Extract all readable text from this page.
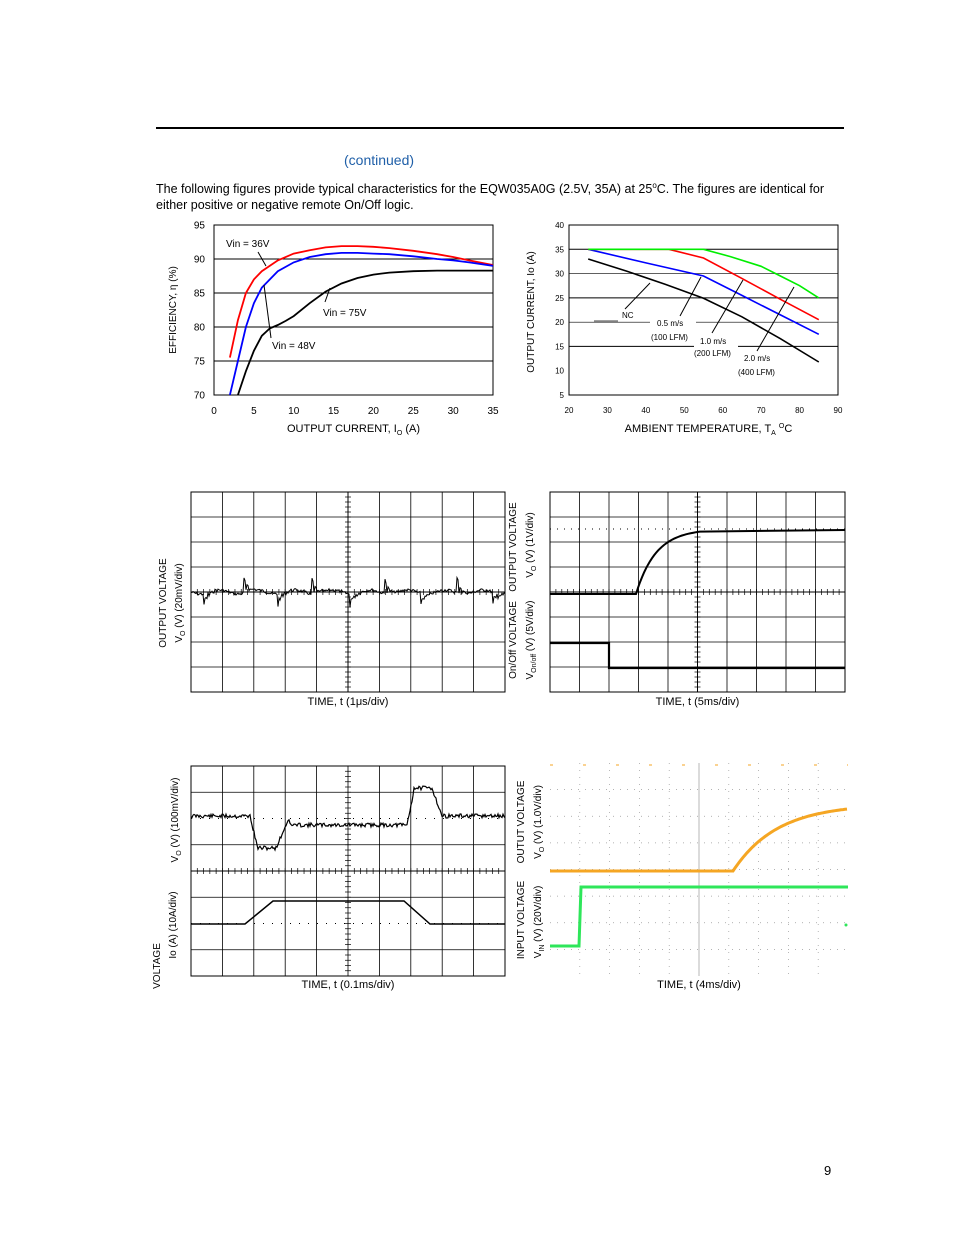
(continued)
The following figures provide typical characteristics for the EQW035A0G (2.5V, 35A) at 25$^o$C. The figures are identical for either positive or negative remote On/Off logic.
9
70
75
80
85
90
95
0	5	10	15	20	25	30	35
Vin = 36V
Vin = 75V
Vin = 48V
OUTPUT CURRENT, $I_O$ (A)
EFFICIENCY, η (%)
5
10
15
20
25
30
35
40
20	30	40	50	60	70	80	90
NC
0.5 m/s
(100 LFM) 1.0 m/s
(200 LFM)
2.0 m/s
(400 LFM)
AMBIENT TEMPERATURE, $T_A$ $^O$C
OUTPUT CURRENT, Io (A)
TIME, t (1μs/div)
OUTPUT VOLTAGE $V_O$ (V) (20mV/div)
TIME, t (5ms/div)
OUTPUT VOLTAGE $V_O$ (V) (1V/div)
On/Off VOLTAGE $V_{On/off}$ (V) (5V/div)
TIME, t (0.1ms/div)
$V_O$ (V) (100mV/div)
VOLTAGE
Io (A) (10A/div)
TIME, t (4ms/div)
OUTUT VOLTAGE $V_O$ (V) (1.0V/div)
INPUT VOLTAGE $V_{IN}$ (V) (20V/div)
